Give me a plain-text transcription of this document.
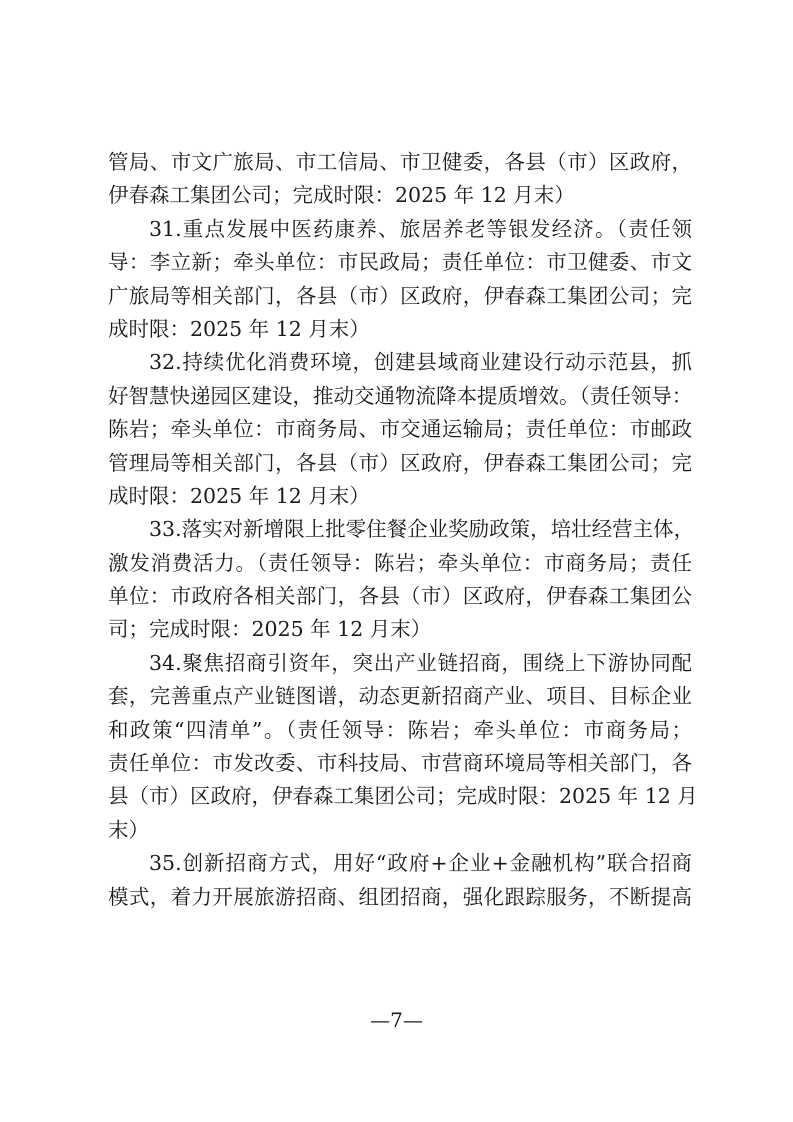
管局、市文广旅局、市工信局、市卫健委，各县（市）区政府，
伊春森工集团公司；完成时限：2025 年 12 月末）
31.重点发展中医药康养、旅居养老等银发经济。（责任领
导：李立新；牵头单位：市民政局；责任单位：市卫健委、市文
广旅局等相关部门，各县（市）区政府，伊春森工集团公司；完
成时限：2025 年 12 月末）
32.持续优化消费环境，创建县域商业建设行动示范县，抓
好智慧快递园区建设，推动交通物流降本提质增效。（责任领导：
陈岩；牵头单位：市商务局、市交通运输局；责任单位：市邮政
管理局等相关部门，各县（市）区政府，伊春森工集团公司；完
成时限：2025 年 12 月末）
33.落实对新增限上批零住餐企业奖励政策，培壮经营主体，
激发消费活力。（责任领导：陈岩；牵头单位：市商务局；责任
单位：市政府各相关部门，各县（市）区政府，伊春森工集团公
司；完成时限：2025 年 12 月末）
34.聚焦招商引资年，突出产业链招商，围绕上下游协同配
套，完善重点产业链图谱，动态更新招商产业、项目、目标企业
和政策“四清单”。（责任领导：陈岩；牵头单位：市商务局；
责任单位：市发改委、市科技局、市营商环境局等相关部门，各
县（市）区政府，伊春森工集团公司；完成时限：2025 年 12 月
末）
35.创新招商方式，用好“政府+企业+金融机构”联合招商
模式，着力开展旅游招商、组团招商，强化跟踪服务，不断提高
—7—
